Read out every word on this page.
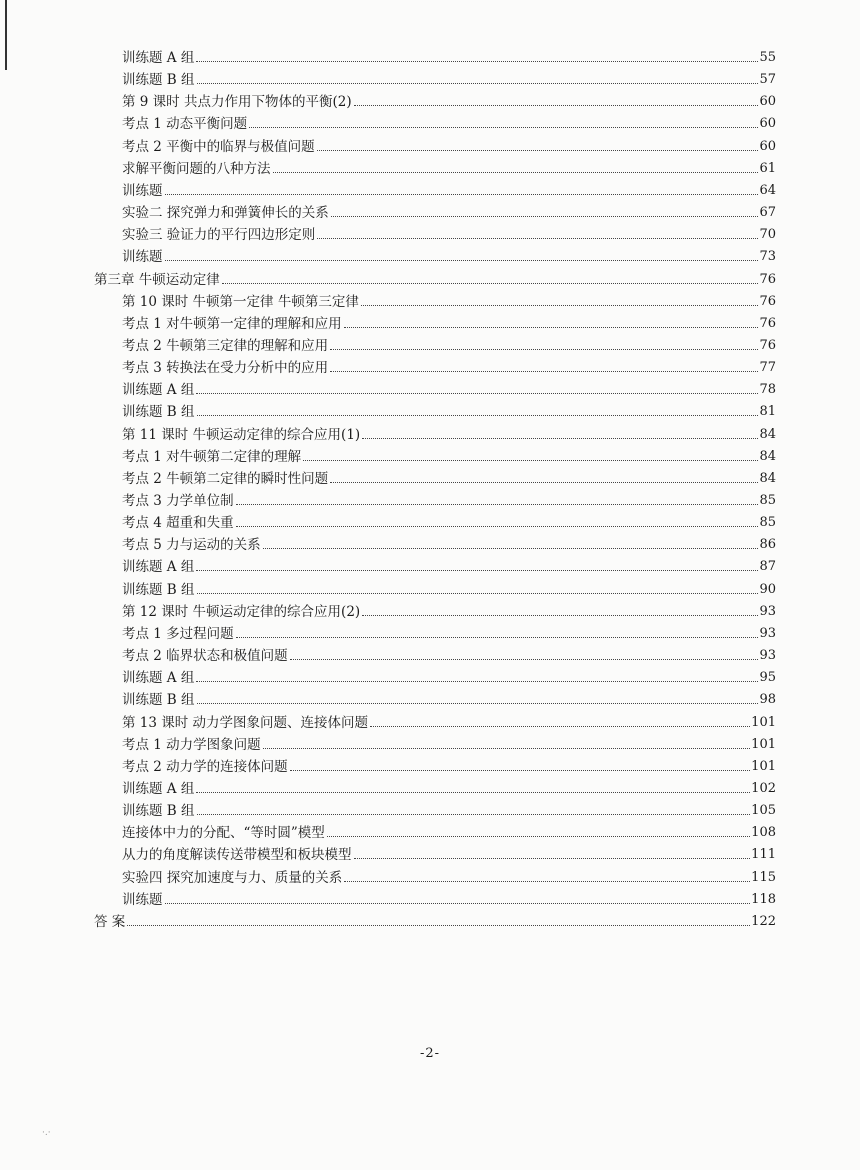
训练题 A 组	55
训练题 B 组	57
第 9 课时 共点力作用下物体的平衡(2)	60
考点 1 动态平衡问题	60
考点 2 平衡中的临界与极值问题	60
求解平衡问题的八种方法	61
训练题	64
实验二 探究弹力和弹簧伸长的关系	67
实验三 验证力的平行四边形定则	70
训练题	73
第三章 牛顿运动定律	76
第 10 课时 牛顿第一定律 牛顿第三定律	76
考点 1 对牛顿第一定律的理解和应用	76
考点 2 牛顿第三定律的理解和应用	76
考点 3 转换法在受力分析中的应用	77
训练题 A 组	78
训练题 B 组	81
第 11 课时 牛顿运动定律的综合应用(1)	84
考点 1 对牛顿第二定律的理解	84
考点 2 牛顿第二定律的瞬时性问题	84
考点 3 力学单位制	85
考点 4 超重和失重	85
考点 5 力与运动的关系	86
训练题 A 组	87
训练题 B 组	90
第 12 课时 牛顿运动定律的综合应用(2)	93
考点 1 多过程问题	93
考点 2 临界状态和极值问题	93
训练题 A 组	95
训练题 B 组	98
第 13 课时 动力学图象问题、连接体问题	101
考点 1 动力学图象问题	101
考点 2 动力学的连接体问题	101
训练题 A 组	102
训练题 B 组	105
连接体中力的分配、“等时圆”模型	108
从力的角度解读传送带模型和板块模型	111
实验四 探究加速度与力、质量的关系	115
训练题	118
答 案	122
-2-
·.·
